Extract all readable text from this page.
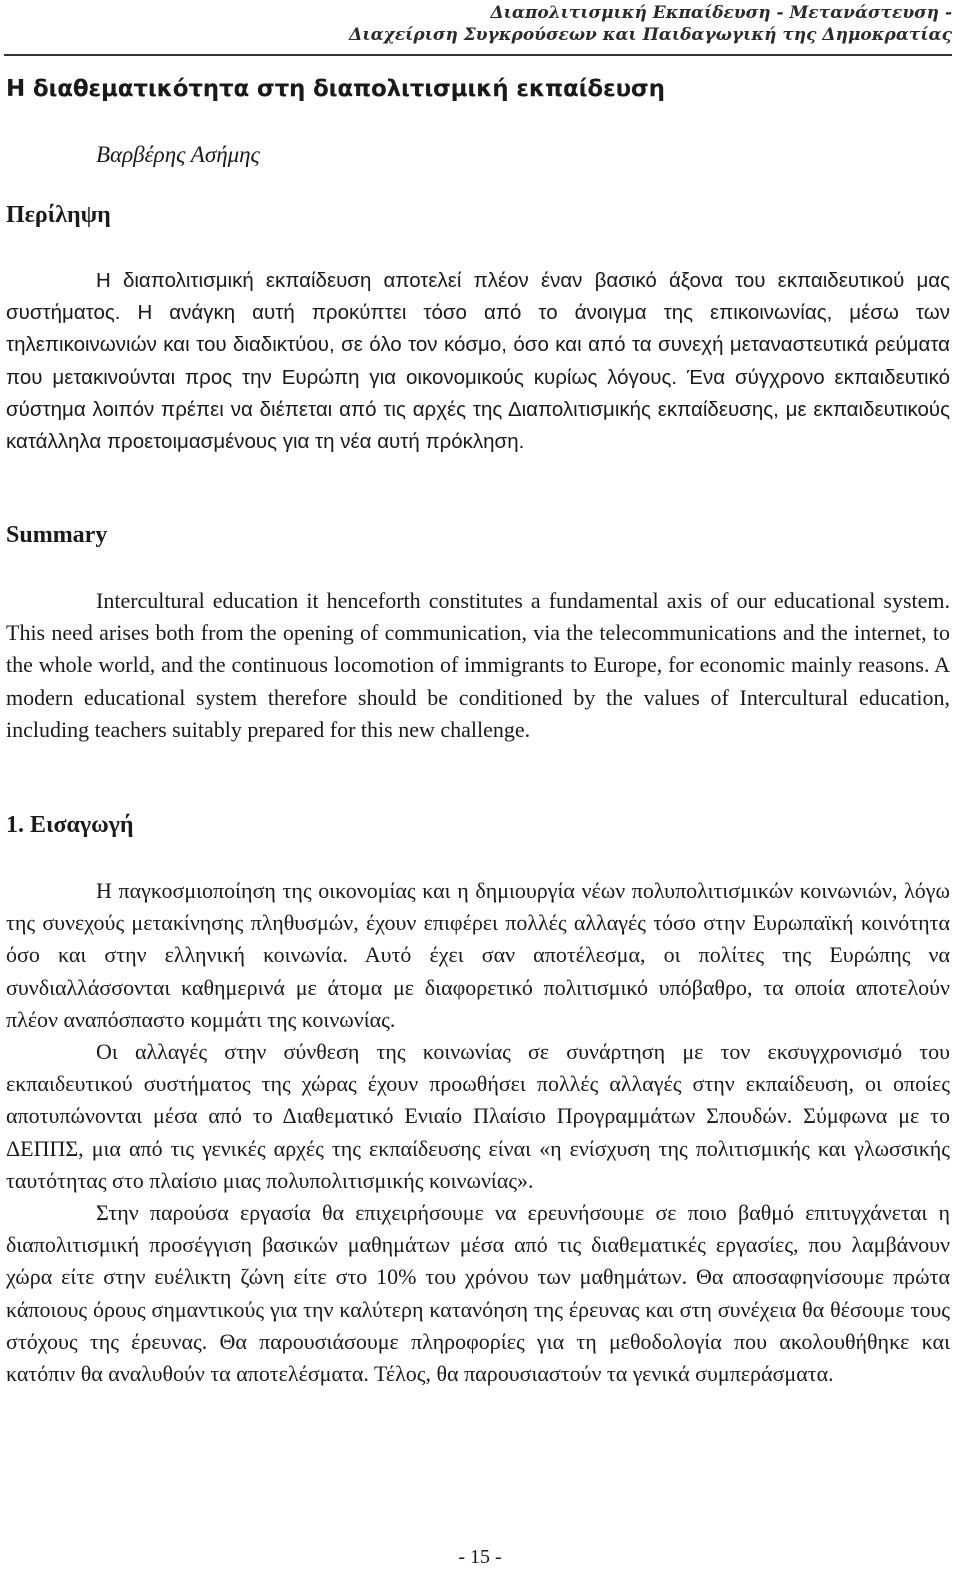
Διαπολιτισμική Εκπαίδευση - Μετανάστευση -
Διαχείριση Συγκρούσεων και Παιδαγωγική της Δημοκρατίας
Η διαθεματικότητα στη διαπολιτισμική εκπαίδευση

Βαρβέρης Ασήμης

Περίληψη

Η διαπολιτισμική εκπαίδευση αποτελεί πλέον έναν βασικό άξονα του εκπαιδευτικού μας συστήματος. Η ανάγκη αυτή προκύπτει τόσο από το άνοιγμα της επικοινωνίας, μέσω των τηλεπικοινωνιών και του διαδικτύου, σε όλο τον κόσμο, όσο και από τα συνεχή μεταναστευτικά ρεύματα που μετακινούνται προς την Ευρώπη για οικονομικούς κυρίως λόγους. Ένα σύγχρονο εκπαιδευτικό σύστημα λοιπόν πρέπει να διέπεται από τις αρχές της Διαπολιτισμικής εκπαίδευσης, με εκπαιδευτικούς κατάλληλα προετοιμασμένους για τη νέα αυτή πρόκληση.

Summary

Intercultural education it henceforth constitutes a fundamental axis of our educational system. This need arises both from the opening of communication, via the telecommunications and the internet, to the whole world, and the continuous locomotion of immigrants to Europe, for economic mainly reasons. A modern educational system therefore should be conditioned by the values of Intercultural education, including teachers suitably prepared for this new challenge.

1. Εισαγωγή

Η παγκοσμιοποίηση της οικονομίας και η δημιουργία νέων πολυπολιτισμικών κοινωνιών, λόγω της συνεχούς μετακίνησης πληθυσμών, έχουν επιφέρει πολλές αλλαγές τόσο στην Ευρωπαϊκή κοινότητα όσο και στην ελληνική κοινωνία. Αυτό έχει σαν αποτέλεσμα, οι πολίτες της Ευρώπης να συνδιαλλάσσονται καθημερινά με άτομα με διαφορετικό πολιτισμικό υπόβαθρο, τα οποία αποτελούν πλέον αναπόσπαστο κομμάτι της κοινωνίας.

Οι αλλαγές στην σύνθεση της κοινωνίας σε συνάρτηση με τον εκσυγχρονισμό του εκπαιδευτικού συστήματος της χώρας έχουν προωθήσει πολλές αλλαγές στην εκπαίδευση, οι οποίες αποτυπώνονται μέσα από το Διαθεματικό Ενιαίο Πλαίσιο Προγραμμάτων Σπουδών. Σύμφωνα με το ΔΕΠΠΣ, μια από τις γενικές αρχές της εκπαίδευσης είναι «η ενίσχυση της πολιτισμικής και γλωσσικής ταυτότητας στο πλαίσιο μιας πολυπολιτισμικής κοινωνίας».

Στην παρούσα εργασία θα επιχειρήσουμε να ερευνήσουμε σε ποιο βαθμό επιτυγχάνεται η διαπολιτισμική προσέγγιση βασικών μαθημάτων μέσα από τις διαθεματικές εργασίες, που λαμβάνουν χώρα είτε στην ευέλικτη ζώνη είτε στο 10% του χρόνου των μαθημάτων. Θα αποσαφηνίσουμε πρώτα κάποιους όρους σημαντικούς για την καλύτερη κατανόηση της έρευνας και στη συνέχεια θα θέσουμε τους στόχους της έρευνας. Θα παρουσιάσουμε πληροφορίες για τη μεθοδολογία που ακολουθήθηκε και κατόπιν θα αναλυθούν τα αποτελέσματα. Τέλος, θα παρουσιαστούν τα γενικά συμπεράσματα.

- 15 -
